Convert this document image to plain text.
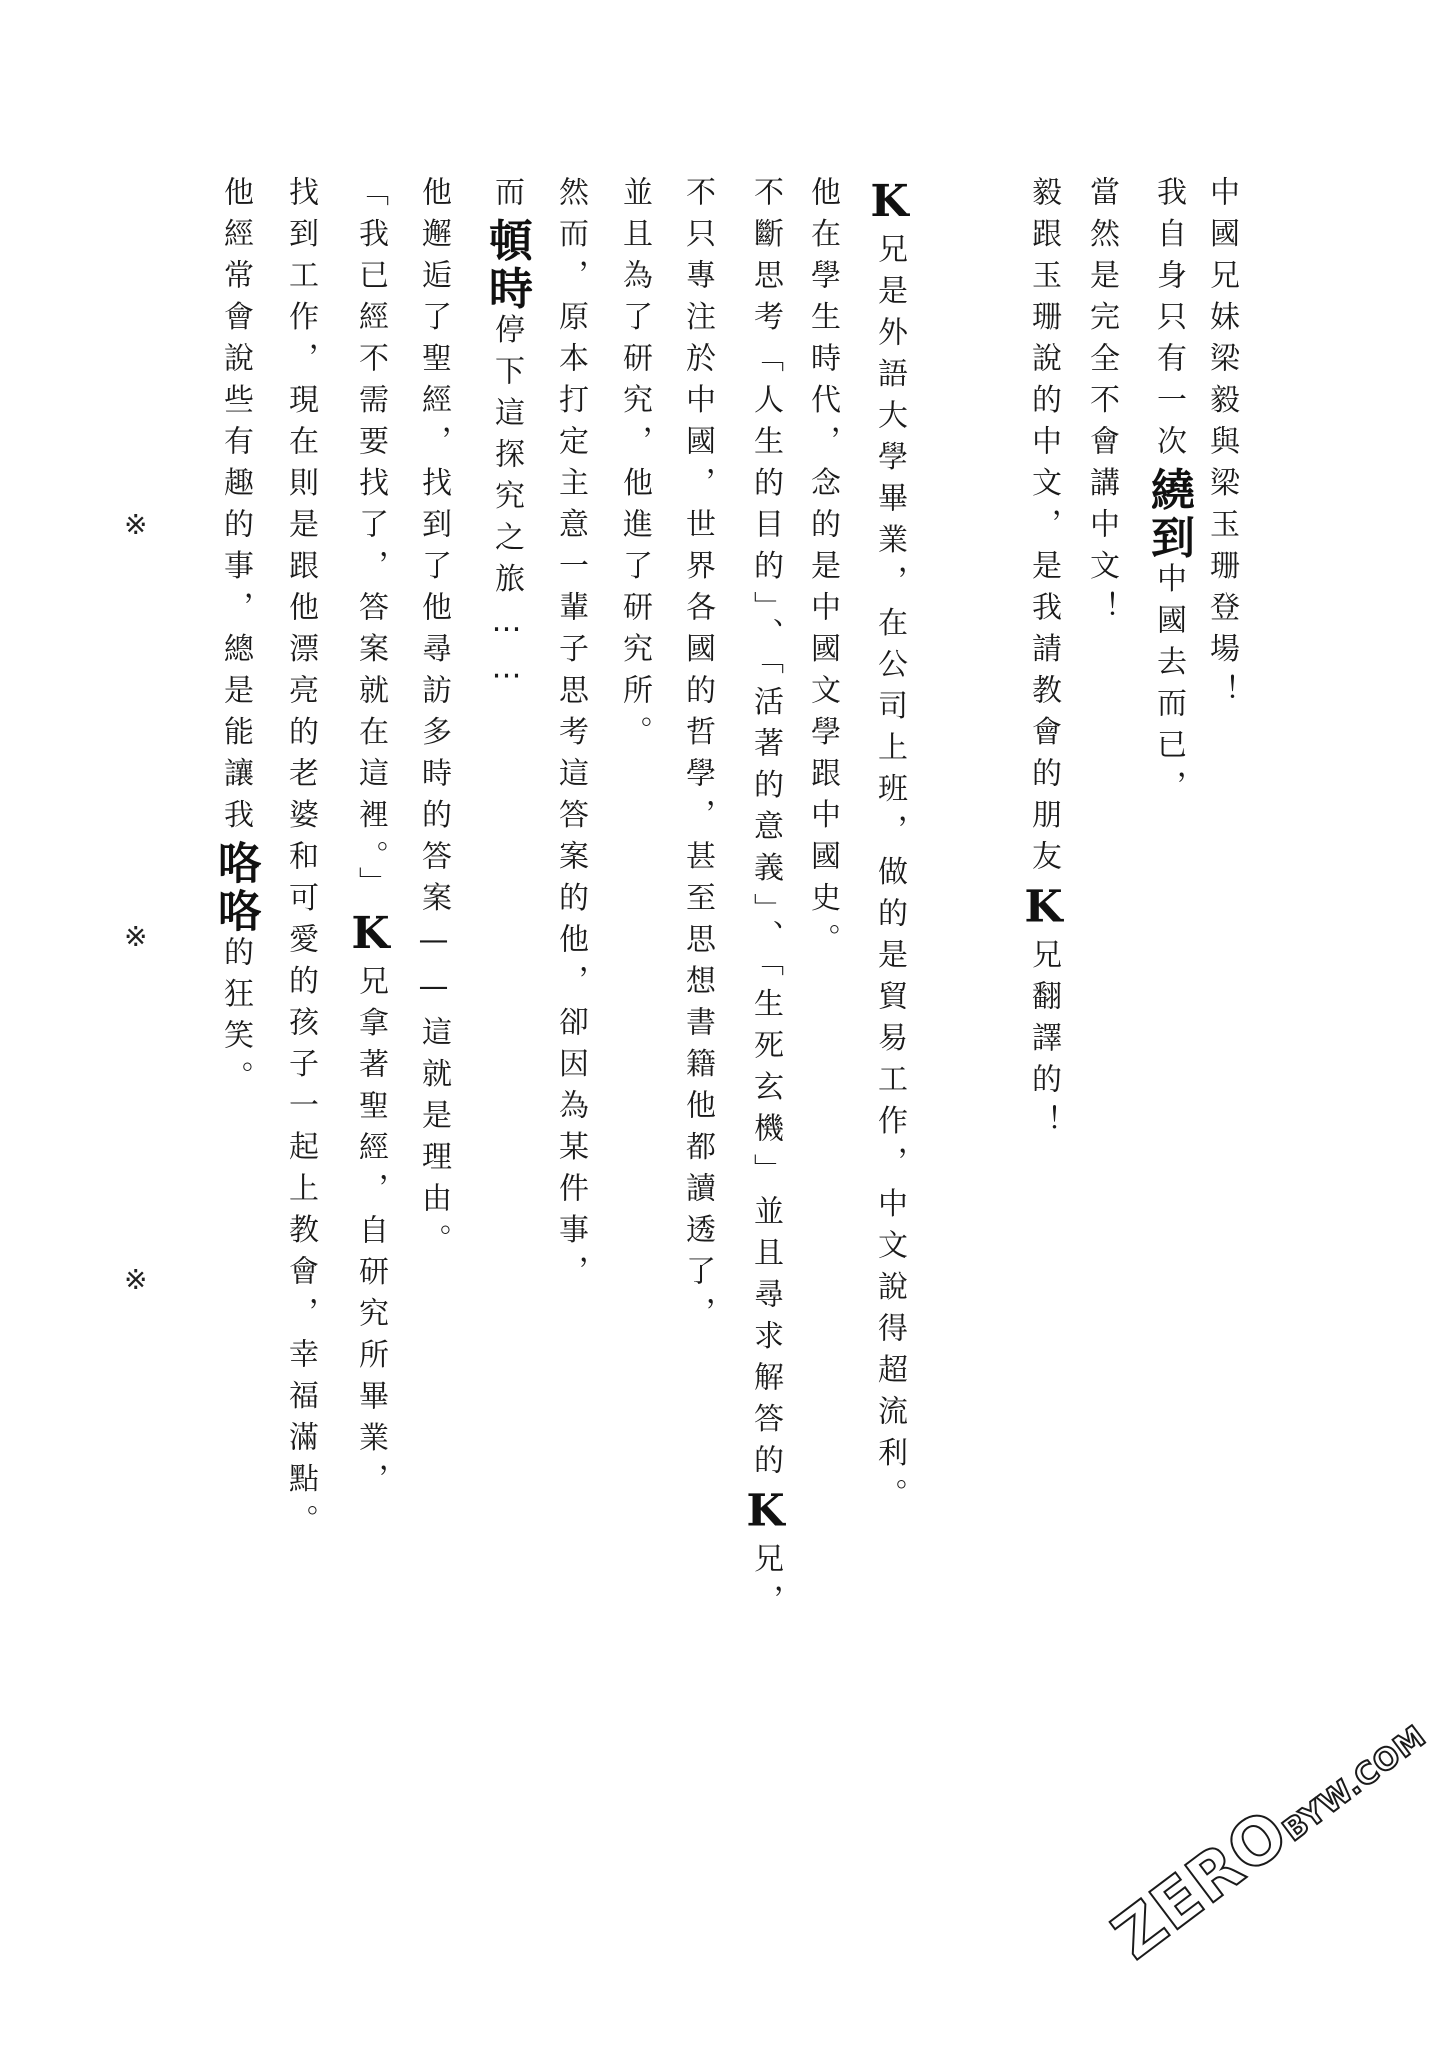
中國兄妹梁毅與梁玉珊登場！
我自身只有一次繞到中國去而已，
當然是完全不會講中文！
毅跟玉珊說的中文，是我請教會的朋友K兄翻譯的！
K兄是外語大學畢業，在公司上班，做的是貿易工作，中文說得超流利。
他在學生時代，念的是中國文學跟中國史。
不斷思考「人生的目的」、「活著的意義」、「生死玄機」並且尋求解答的K兄，
不只專注於中國，世界各國的哲學，甚至思想書籍他都讀透了，
並且為了研究，他進了研究所。
然而，原本打定主意一輩子思考這答案的他，卻因為某件事，
而頓時停下這探究之旅……
他邂逅了聖經，找到了他尋訪多時的答案——這就是理由。
「我已經不需要找了，答案就在這裡。」K兄拿著聖經，自研究所畢業，
找到工作，現在則是跟他漂亮的老婆和可愛的孩子一起上教會，幸福滿點。
他經常會說些有趣的事，總是能讓我咯咯的狂笑。
※
※
※
ZEROBYW.COM
